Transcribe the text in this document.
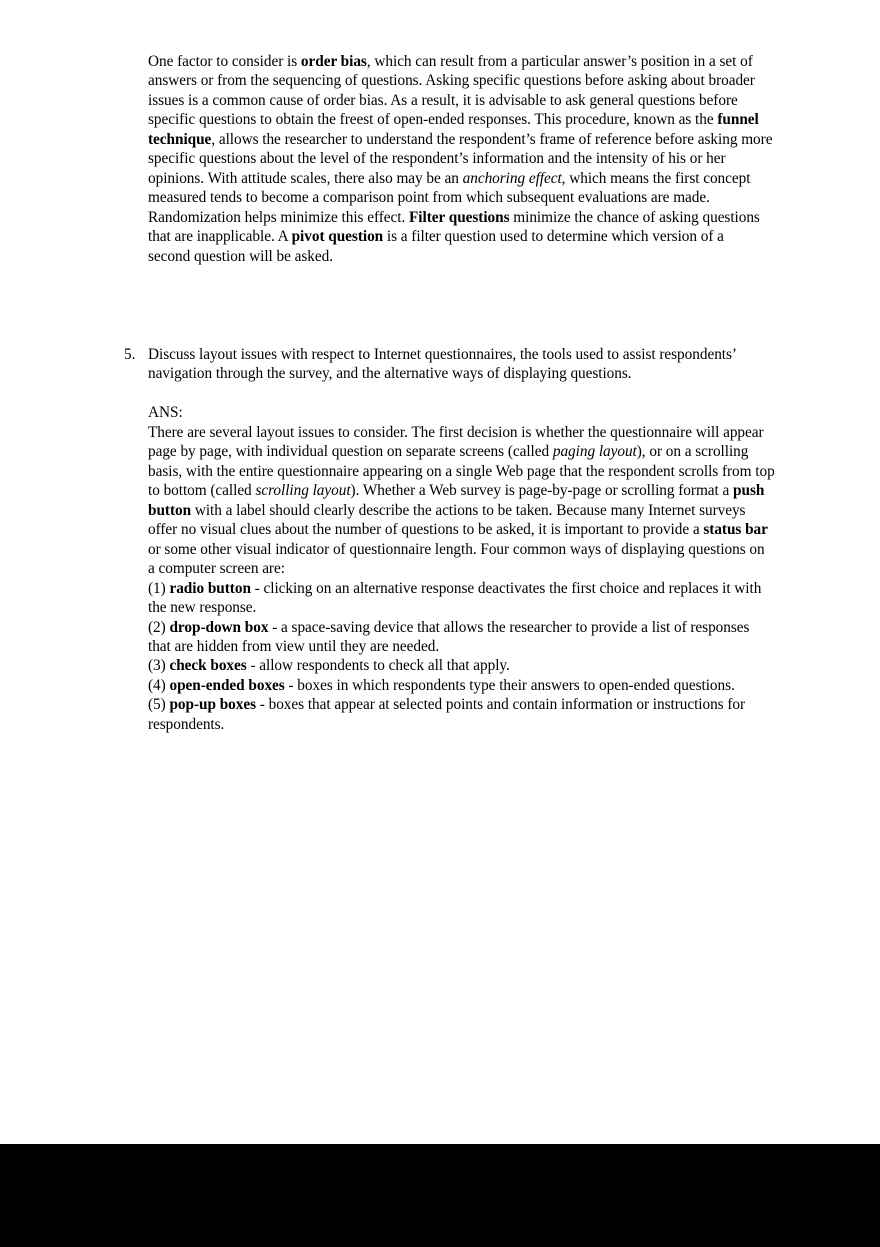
One factor to consider is order bias, which can result from a particular answer’s position in a set of
answers or from the sequencing of questions. Asking specific questions before asking about broader
issues is a common cause of order bias. As a result, it is advisable to ask general questions before
specific questions to obtain the freest of open-ended responses. This procedure, known as the funnel
technique, allows the researcher to understand the respondent’s frame of reference before asking more
specific questions about the level of the respondent’s information and the intensity of his or her
opinions. With attitude scales, there also may be an anchoring effect, which means the first concept
measured tends to become a comparison point from which subsequent evaluations are made.
Randomization helps minimize this effect. Filter questions minimize the chance of asking questions
that are inapplicable. A pivot question is a filter question used to determine which version of a
second question will be asked.
5. Discuss layout issues with respect to Internet questionnaires, the tools used to assist respondents’
navigation through the survey, and the alternative ways of displaying questions.
ANS:
There are several layout issues to consider. The first decision is whether the questionnaire will appear
page by page, with individual question on separate screens (called paging layout), or on a scrolling
basis, with the entire questionnaire appearing on a single Web page that the respondent scrolls from top
to bottom (called scrolling layout). Whether a Web survey is page-by-page or scrolling format a push
button with a label should clearly describe the actions to be taken. Because many Internet surveys
offer no visual clues about the number of questions to be asked, it is important to provide a status bar
or some other visual indicator of questionnaire length. Four common ways of displaying questions on
a computer screen are:
(1) radio button - clicking on an alternative response deactivates the first choice and replaces it with
the new response.
(2) drop-down box - a space-saving device that allows the researcher to provide a list of responses
that are hidden from view until they are needed.
(3) check boxes - allow respondents to check all that apply.
(4) open-ended boxes - boxes in which respondents type their answers to open-ended questions.
(5) pop-up boxes - boxes that appear at selected points and contain information or instructions for
respondents.
